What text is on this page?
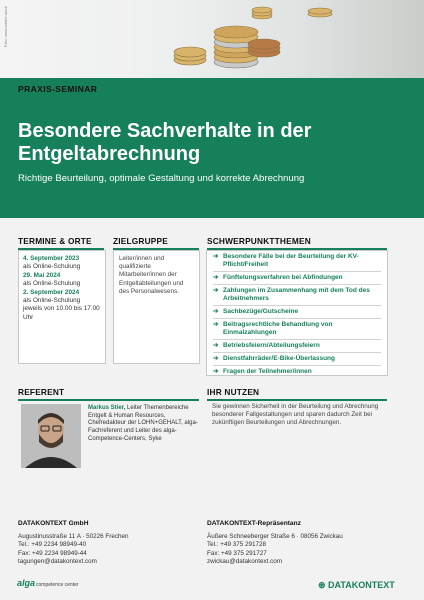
Foto: www.adobe.stock
PRAXIS-SEMINAR
Besondere Sachverhalte in der Entgeltabrechnung
Richtige Beurteilung, optimale Gestaltung und korrekte Abrechnung
TERMINE & ORTE	ZIELGRUPPE	SCHWERPUNKTTHEMEN
4. September 2023
als Online-Schulung
29. Mai 2024
als Online-Schulung
2. September 2024
als Online-Schulung
jeweils von 10.00 bis 17.00 Uhr
Leiter/innen und qualifizierte Mitarbeiter/innen der Entgeltabteilungen und des Personalwesens.
➔ Besondere Fälle bei der Beurteilung der KV-Pflicht/Freiheit
➔ Fünftelungsverfahren bei Abfindungen
➔ Zahlungen im Zusammenhang mit dem Tod des Arbeitnehmers
➔ Sachbezüge/Gutscheine
➔ Beitragsrechtliche Behandlung von Einmalzahlungen
➔ Betriebsfeiern/Abteilungsfeiern
➔ Dienstfahrräder/E-Bike-Überlassung
➔ Fragen der Teilnehmer/innen
REFERENT
Markus Stier, Leiter Themenbereiche Entgelt & Human Resources, Chefredakteur der LOHN+GEHALT, alga-Fachreferent und Leiter des alga-Competence-Centers, Syke
IHR NUTZEN
Sie gewinnen Sicherheit in der Beurteilung und Abrechnung besonderer Fallgestaltungen und sparen dadurch Zeit bei zukünftigen Beurteilungen und Abrechnungen.
DATAKONTEXT GmbH
Augustinusstraße 11 A · 50226 Frechen
Tel.: +49 2234 98949-40
Fax: +49 2234 98949-44
tagungen@datakontext.com
DATAKONTEXT-Repräsentanz
Äußere Schneeberger Straße 6 · 08056 Zwickau
Tel.: +49 375 291728
Fax: +49 375 291727
zwickau@datakontext.com
algacompetence center	⊛ DATAKONTEXT
